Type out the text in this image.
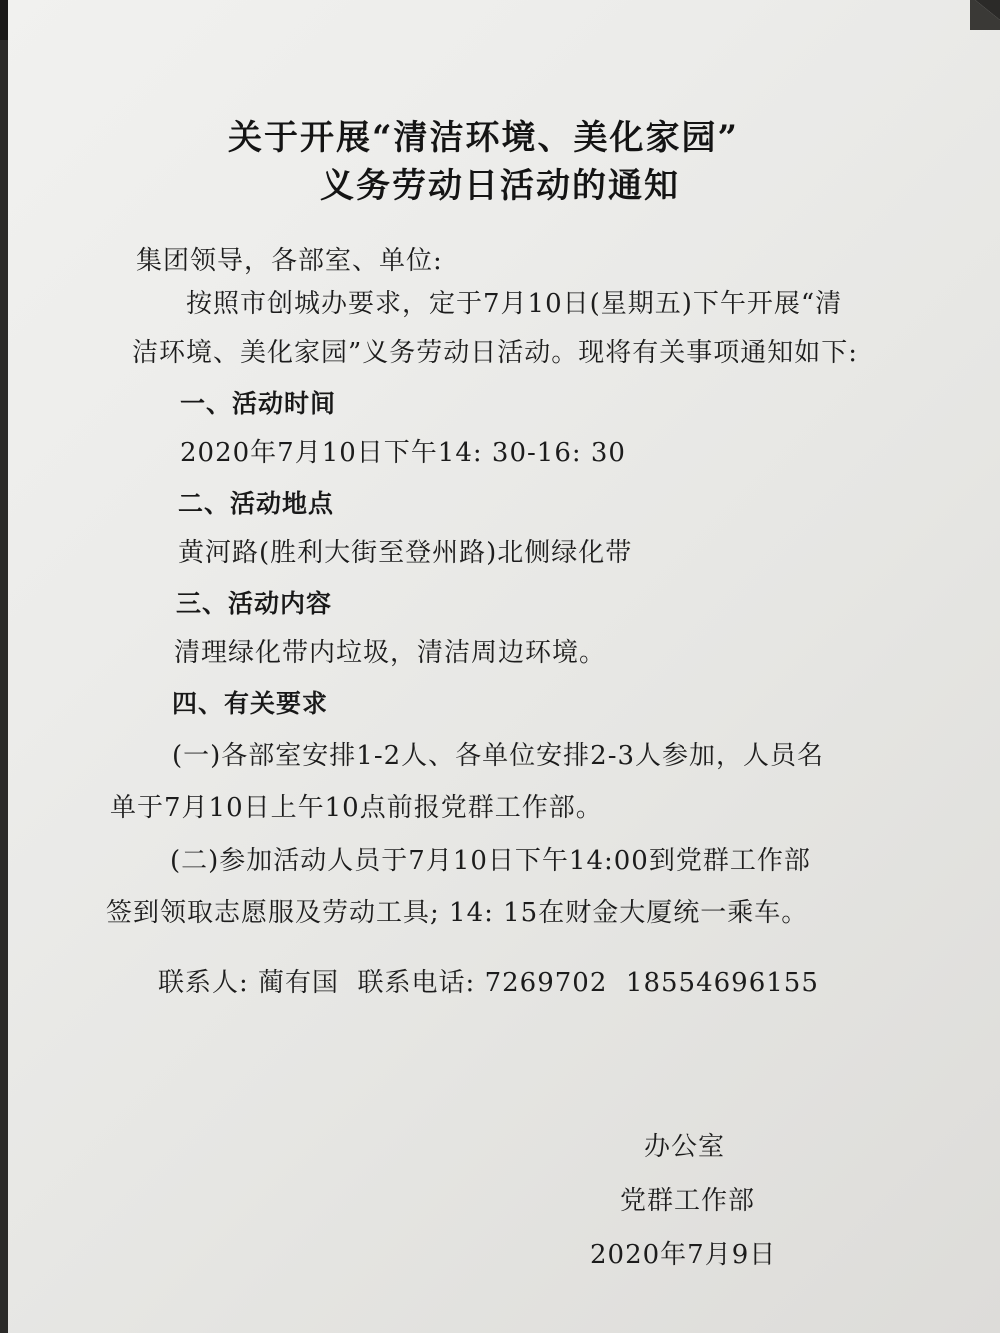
关于开展“清洁环境、美化家园”
义务劳动日活动的通知
集团领导，各部室、单位:
按照市创城办要求，定于7月10日(星期五)下午开展“清
洁环境、美化家园”义务劳动日活动。现将有关事项通知如下:
一、活动时间
2020年7月10日下午14: 30-16: 30
二、活动地点
黄河路(胜利大街至登州路)北侧绿化带
三、活动内容
清理绿化带内垃圾，清洁周边环境。
四、有关要求
(一)各部室安排1-2人、各单位安排2-3人参加，人员名
单于7月10日上午10点前报党群工作部。
(二)参加活动人员于7月10日下午14:00到党群工作部
签到领取志愿服及劳动工具; 14: 15在财金大厦统一乘车。
联系人: 蔺有国  联系电话: 7269702  18554696155
办公室
党群工作部
2020年7月9日
